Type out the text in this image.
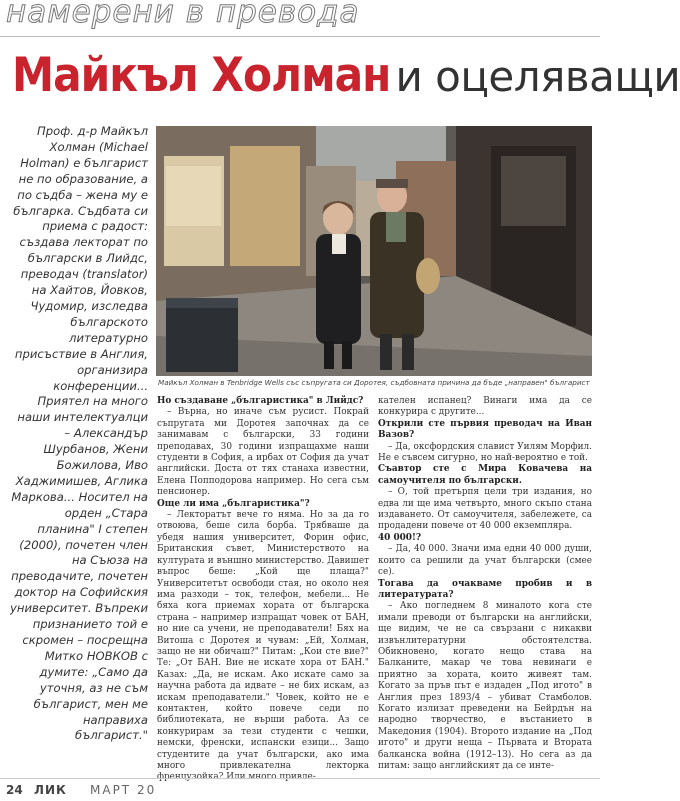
намерени в превода
Майкъл Холман и оцеляващи

Проф. д-р Майкъл Холман (Michael Holman) е българист не по образование, а по съдба – жена му е българка. Съдбата си приема с радост: създава лекторат по български в Лийдс, преводач (translator) на Хайтов, Йовков, Чудомир, изследва българското литературно присъствие в Англия, организира конференции...

Приятел на много наши интелектуалци – Александър Шурбанов, Жени Божилова, Иво Хаджимишев, Аглика Маркова... Носител на орден „Стара планина" I степен (2000), почетен член на Съюза на преводачите, почетен доктор на Софийския университет. Въпреки признанието той е скромен – посрещна Митко НОВКОВ с думите: „Само да уточня, аз не съм българист, мен ме направиха българист."

Майкъл Холман в Tenbridge Wells със съпругата си Доротея, съдбовната причина да бъде „направен" българист

Но създаване „българистика" в Лийдс?

– Върна, но иначе съм русист. Покрай съпругата ми Доротея започнах да се занимавам с български, 33 години преподавах, 30 години изпращахме наши студенти в София, а ирбах от София да учат английски. Доста от тях станаха известни, Елена Попподорова например. Но сега съм пенсионер.

Още ли има „българистика"?

– Лекторатът вече го няма. Но за да го отвоюва, беше сила борба. Трябваше да убедя нашия университет, Форин офис, Британския съвет, Министерството на културата и външно министерство. Давишет въпрос беше: „Кой ще плаща?" Университетът освободи стая, но около нея има разходи – ток, телефон, мебели... Не бяха кога приемах хората от българска страна – например изпращат човек от БАН, но ние са учени, не преподаватели! Бях на Витоша с Доротея и чувам: „Ей, Холман, защо не ни обичаш?" Питам: „Кои сте вие?" Те: „От БАН. Вие не искате хора от БАН." Казах: „Да, не искам. Ако искате само за научна работа да идвате – не бих искам, аз искам преподаватели." Човек, който не е контактен, който повече седи по библиотеката, не върши работа. Аз се конкурирам за тези студенти с чешки, немски, френски, испански езици... Защо студентите да учат български, ако има много привлекателна лекторка френцузойка? Или много привле-

кателен испанец? Винаги има да се конкурира с другите...

Открили сте първия преводач на Иван Вазов?

– Да, оксфордския славист Уилям Морфил. Не е съвсем сигурно, но най-вероятно е той.

Съавтор сте с Мира Ковачева на самоучителя по български.

– О, той претърпя цели три издания, но едва ли ще има четвърто, много скъпо стана издаването. От самоучителя, забележете, са продадени повече от 40 000 екземпляра.

40 000!?

– Да, 40 000. Значи има едни 40 000 души, които са решили да учат български (смее се).

Тогава да очакваме пробив и в литературата?

– Ако погледнем 8 миналото кога сте имали преводи от български на английски, ще видим, че не са свързани с никакви извънлитературни обстоятелства. Обикновено, когато нещо става на Балканите, макар че това невинаги е приятно за хората, които живеят там. Когато за пръв път е издаден „Под игото" в Англия през 1893/4 – убиват Стамболов. Когато излизат преведени на Бейрдън на народно творчество, е въстанието в Македония (1904). Второто издание на „Под игото" и други неща – Първата и Втората балканска война (1912–13). Но сега аз да питам: защо английският да се инте-

24 ЛИК МАРТ 20
